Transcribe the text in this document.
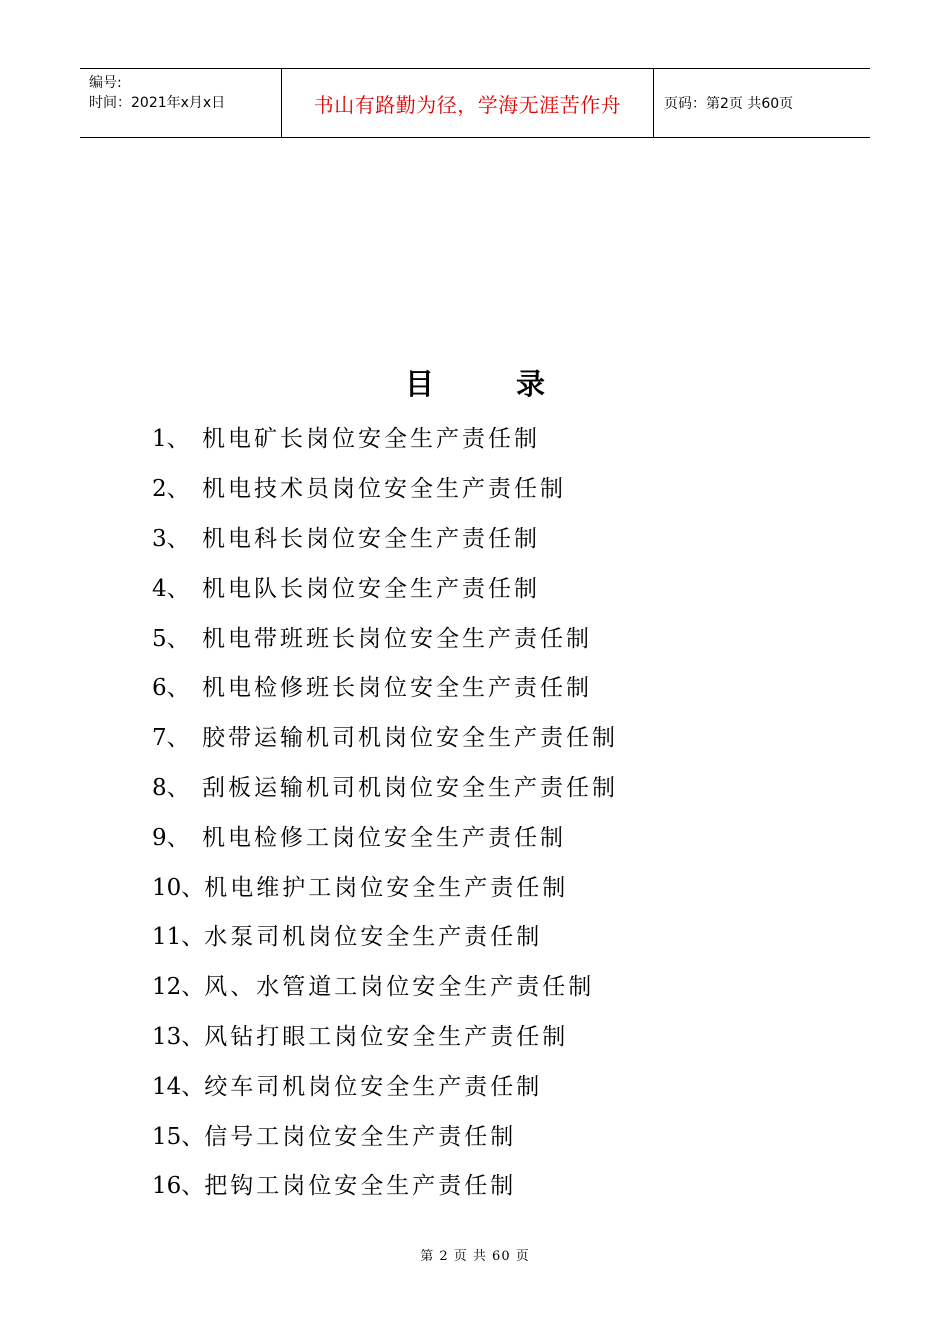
编号:
时间：2021年x月x日	书山有路勤为径，学海无涯苦作舟	页码：第2页 共60页
目录
1、 机电矿长岗位安全生产责任制
2、 机电技术员岗位安全生产责任制
3、 机电科长岗位安全生产责任制
4、 机电队长岗位安全生产责任制
5、 机电带班班长岗位安全生产责任制
6、 机电检修班长岗位安全生产责任制
7、 胶带运输机司机岗位安全生产责任制
8、 刮板运输机司机岗位安全生产责任制
9、 机电检修工岗位安全生产责任制
10、 机电维护工岗位安全生产责任制
11、 水泵司机岗位安全生产责任制
12、 风、水管道工岗位安全生产责任制
13、 风钻打眼工岗位安全生产责任制
14、 绞车司机岗位安全生产责任制
15、 信号工岗位安全生产责任制
16、 把钩工岗位安全生产责任制
第 2 页 共 60 页
